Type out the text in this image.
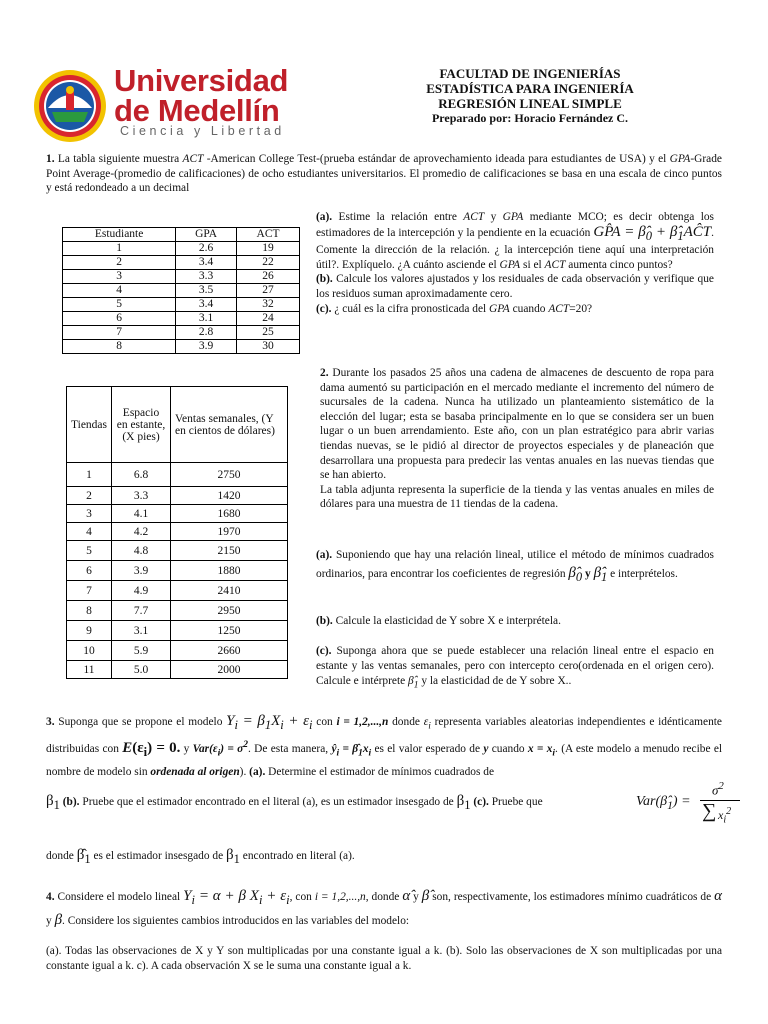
Universidad
de Medellín
Ciencia y Libertad
FACULTAD DE INGENIERÍAS
ESTADÍSTICA PARA INGENIERÍA
REGRESIÓN LINEAL SIMPLE
Preparado por: Horacio Fernández C.
1. La tabla siguiente muestra ACT -American College Test-(prueba estándar de aprovechamiento ideada para estudiantes de USA) y el GPA-Grade Point Average-(promedio de calificaciones) de ocho estudiantes universitarios. El promedio de calificaciones se basa en una escala de cinco puntos y está redondeado a un decimal
Estudiante	GPA	ACT
1	2.6	19
2	3.4	22
3	3.3	26
4	3.5	27
5	3.4	32
6	3.1	24
7	2.8	25
8	3.9	30
(a). Estime la relación entre ACT y GPA mediante MCO; es decir obtenga los estimadores de la intercepción y la pendiente en la ecuación GP̂A = $\betâ_0$ + $\betâ_1AĈT$. Comente la dirección de la relación. ¿ la intercepción tiene aquí una interpretación útil?. Explíquelo. ¿A cuánto asciende el GPA si el ACT aumenta cinco puntos?
(b). Calcule los valores ajustados y los residuales de cada observación y verifique que los residuos suman aproximadamente cero.
(c). ¿ cuál es la cifra pronosticada del GPA cuando ACT=20?
Tiendas	Espacio en estante, (X pies)	Ventas semanales, (Y en cientos de dólares)
1	6.8	2750
2	3.3	1420
3	4.1	1680
4	4.2	1970
5	4.8	2150
6	3.9	1880
7	4.9	2410
8	7.7	2950
9	3.1	1250
10	5.9	2660
11	5.0	2000
2. Durante los pasados 25 años una cadena de almacenes de descuento de ropa para dama aumentó su participación en el mercado mediante el incremento del número de sucursales de la cadena. Nunca ha utilizado un planteamiento sistemático de la elección del lugar; esta se basaba principalmente en lo que se considera ser un buen lugar o un buen arrendamiento. Este año, con un plan estratégico para abrir varias tiendas nuevas, se le pidió al director de proyectos especiales y de planeación que desarrollara una propuesta para predecir las ventas anuales en las nuevas tiendas que se han abierto.
La tabla adjunta representa la superficie de la tienda y las ventas anuales en miles de dólares para una muestra de 11 tiendas de la cadena.
(a). Suponiendo que hay una relación lineal, utilice el método de mínimos cuadrados ordinarios, para encontrar los coeficientes de regresión $\betâ_0$ y $\betâ_1$ e interprételos.
(b). Calcule la elasticidad de Y sobre X e interprétela.
(c). Suponga ahora que se puede establecer una relación lineal entre el espacio en estante y las ventas semanales, pero con intercepto cero(ordenada en el origen cero). Calcule e intérprete $\betâ_1$ y la elasticidad de de Y sobre X..
3. Suponga que se propone el modelo $Y_i = \beta_1X_i + \varepsilon_i$ con i = 1,2,...,n donde $\varepsilon_i$ representa variables aleatorias independientes e idénticamente distribuidas con $E(\varepsilon_i) = 0$. y $Var(\varepsilon_i) = \sigma^2$. De esta manera, $ŷ_i$ = $\betâ_1x_i$ es el valor esperado de y cuando $x = x_i$. (A este modelo a menudo recibe el nombre de modelo sin ordenada al origen). (a). Determine el estimador de mínimos cuadrados de
$\beta_1$ (b). Pruebe que el estimador encontrado en el literal (a), es un estimador insesgado de $\beta_1$ (c). Pruebe que	$Var(\betâ_1)$ =
$\sigma^2$
∑ $x_i^2$
donde $\betâ_1$ es el estimador insesgado de $\beta_1$ encontrado en literal (a).
4. Considere el modelo lineal $Y_i = \alpha + \beta$ $X_i + \varepsilon_i$, con i = 1,2,...,n, donde α̂ y β̂ son, respectivamente, los estimadores mínimo cuadráticos de α y β. Considere los siguientes cambios introducidos en las variables del modelo:
(a). Todas las observaciones de X y Y son multiplicadas por una constante igual a k. (b). Solo las observaciones de X son multiplicadas por una constante igual a k. c). A cada observación X se le suma una constante igual a k.
